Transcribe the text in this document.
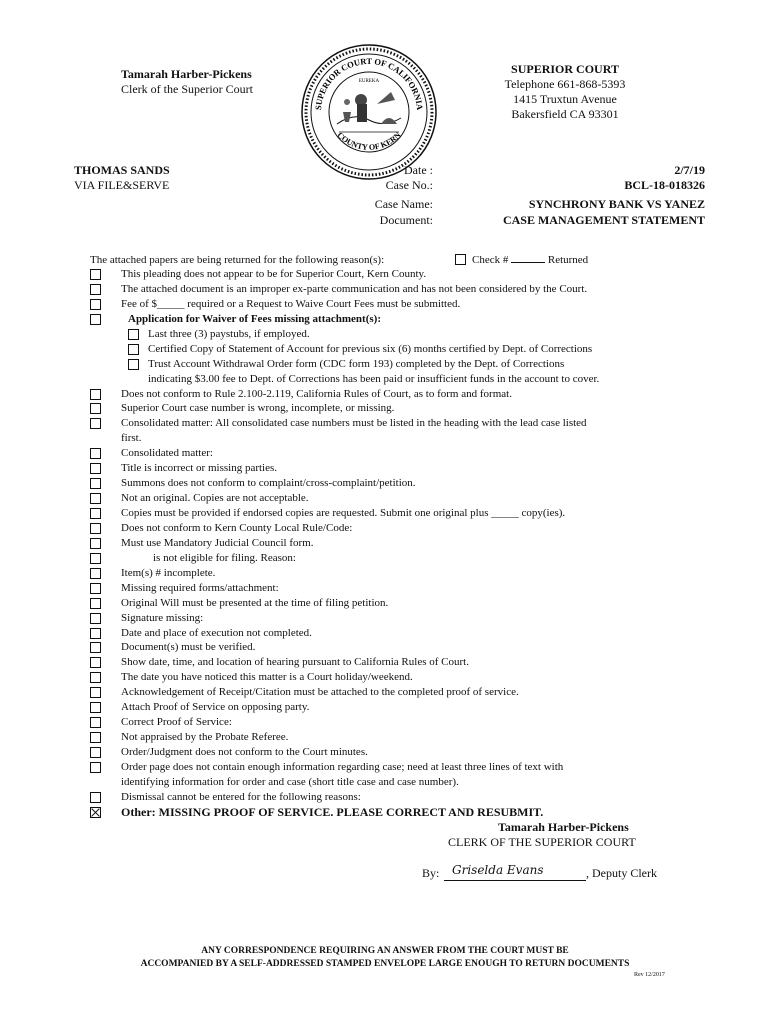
Tamarah Harber-Pickens
Clerk of the Superior Court
SUPERIOR COURT OF CALIFORNIA
COUNTY OF KERN
EUREKA
SUPERIOR COURT
Telephone 661-868-5393
1415 Truxtun Avenue
Bakersfield CA 93301
THOMAS SANDS
VIA FILE&SERVE
Date :	2/7/19
Case No.:	BCL-18-018326
Case Name:	SYNCHRONY BANK VS YANEZ
Document:	CASE MANAGEMENT STATEMENT
The attached papers are being returned for the following reason(s):	Check #	Returned
This pleading does not appear to be for Superior Court, Kern County.
The attached document is an improper ex-parte communication and has not been considered by the Court.
Fee of $_____ required or a Request to Waive Court Fees must be submitted.
Application for Waiver of Fees missing attachment(s):
Last three (3) paystubs, if employed.
Certified Copy of Statement of Account for previous six (6) months certified by Dept. of Corrections
Trust Account Withdrawal Order form (CDC form 193) completed by the Dept. of Corrections
indicating $3.00 fee to Dept. of Corrections has been paid or insufficient funds in the account to cover.
Does not conform to Rule 2.100-2.119, California Rules of Court, as to form and format.
Superior Court case number is wrong, incomplete, or missing.
Consolidated matter: All consolidated case numbers must be listed in the heading with the lead case listed
first.
Consolidated matter:
Title is incorrect or missing parties.
Summons does not conform to complaint/cross-complaint/petition.
Not an original. Copies are not acceptable.
Copies must be provided if endorsed copies are requested. Submit one original plus _____ copy(ies).
Does not conform to Kern County Local Rule/Code:
Must use Mandatory Judicial Council form.
is not eligible for filing. Reason:
Item(s) # incomplete.
Missing required forms/attachment:
Original Will must be presented at the time of filing petition.
Signature missing:
Date and place of execution not completed.
Document(s) must be verified.
Show date, time, and location of hearing pursuant to California Rules of Court.
The date you have noticed this matter is a Court holiday/weekend.
Acknowledgement of Receipt/Citation must be attached to the completed proof of service.
Attach Proof of Service on opposing party.
Correct Proof of Service:
Not appraised by the Probate Referee.
Order/Judgment does not conform to the Court minutes.
Order page does not contain enough information regarding case; need at least three lines of text with
identifying information for order and case (short title case and case number).
Dismissal cannot be entered for the following reasons:
Other: MISSING PROOF OF SERVICE. PLEASE CORRECT AND RESUBMIT.
Tamarah Harber-Pickens
CLERK OF THE SUPERIOR COURT
By: Griselda Evans	, Deputy Clerk
ANY CORRESPONDENCE REQUIRING AN ANSWER FROM THE COURT MUST BE
ACCOMPANIED BY A SELF-ADDRESSED STAMPED ENVELOPE LARGE ENOUGH TO RETURN DOCUMENTS
Rev 12/2017
